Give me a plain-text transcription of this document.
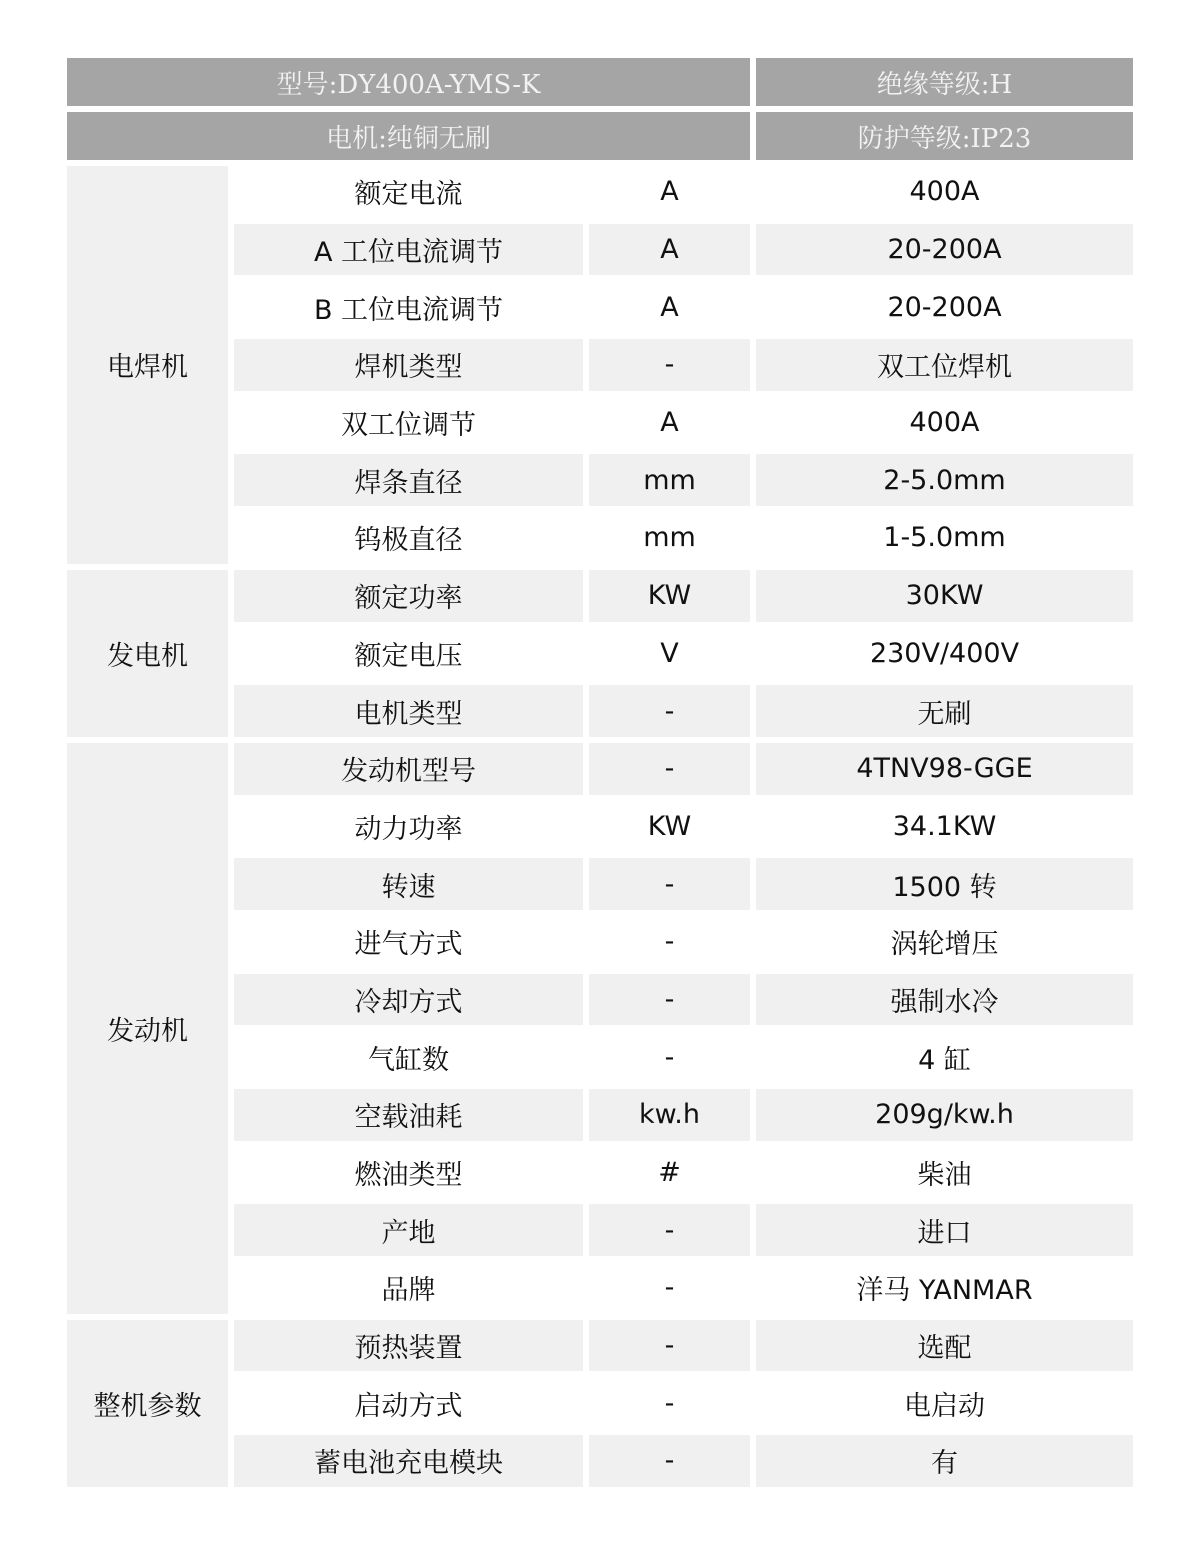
型号:DY400A-YMS-K	绝缘等级:H
电机:纯铜无刷	防护等级:IP23
电焊机
额定电流	A	400A
A 工位电流调节	A	20-200A
B 工位电流调节	A	20-200A
焊机类型	-	双工位焊机
双工位调节	A	400A
焊条直径	mm	2-5.0mm
钨极直径	mm	1-5.0mm
发电机
额定功率	KW	30KW
额定电压	V	230V/400V
电机类型	-	无刷
发动机
发动机型号	-	4TNV98-GGE
动力功率	KW	34.1KW
转速	-	1500 转
进气方式	-	涡轮增压
冷却方式	-	强制水冷
气缸数	-	4 缸
空载油耗	kw.h	209g/kw.h
燃油类型	#	柴油
产地	-	进口
品牌	-	洋马 YANMAR
整机参数
预热装置	-	选配
启动方式	-	电启动
蓄电池充电模块	-	有
